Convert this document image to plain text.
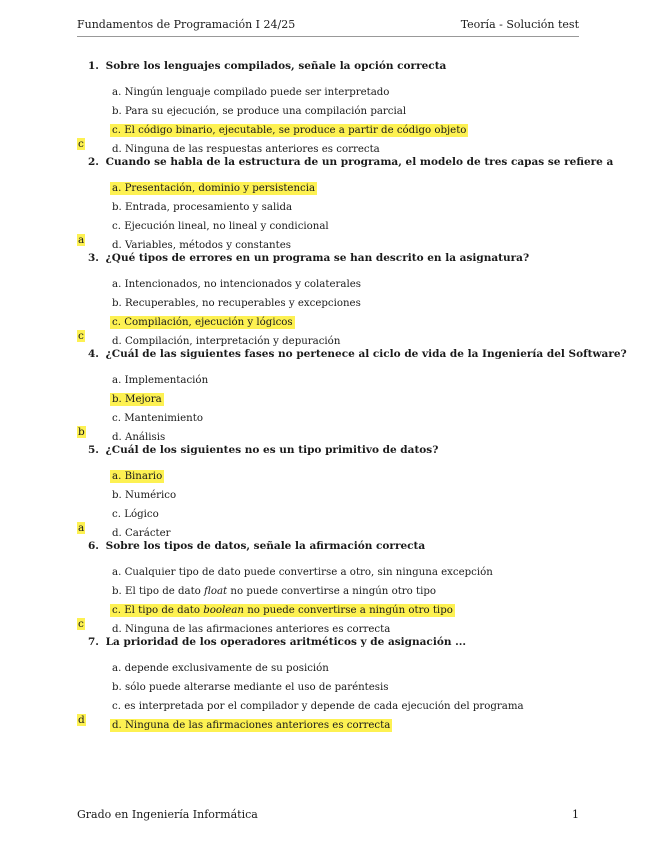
Fundamentos de Programación I 24/25	Teoría - Solución test
1. Sobre los lenguajes compilados, señale la opción correcta
a. Ningún lenguaje compilado puede ser interpretado
b. Para su ejecución, se produce una compilación parcial
c. El código binario, ejecutable, se produce a partir de código objeto
d. Ninguna de las respuestas anteriores es correcta
c
2. Cuando se habla de la estructura de un programa, el modelo de tres capas se refiere a
a. Presentación, dominio y persistencia
b. Entrada, procesamiento y salida
c. Ejecución lineal, no lineal y condicional
d. Variables, métodos y constantes
a
3. ¿Qué tipos de errores en un programa se han descrito en la asignatura?
a. Intencionados, no intencionados y colaterales
b. Recuperables, no recuperables y excepciones
c. Compilación, ejecución y lógicos
d. Compilación, interpretación y depuración
c
4. ¿Cuál de las siguientes fases no pertenece al ciclo de vida de la Ingeniería del Software?
a. Implementación
b. Mejora
c. Mantenimiento
d. Análisis
b
5. ¿Cuál de los siguientes no es un tipo primitivo de datos?
a. Binario
b. Numérico
c. Lógico
d. Carácter
a
6. Sobre los tipos de datos, señale la afirmación correcta
a. Cualquier tipo de dato puede convertirse a otro, sin ninguna excepción
b. El tipo de dato float no puede convertirse a ningún otro tipo
c. El tipo de dato boolean no puede convertirse a ningún otro tipo
d. Ninguna de las afirmaciones anteriores es correcta
c
7. La prioridad de los operadores aritméticos y de asignación ...
a. depende exclusivamente de su posición
b. sólo puede alterarse mediante el uso de paréntesis
c. es interpretada por el compilador y depende de cada ejecución del programa
d. Ninguna de las afirmaciones anteriores es correcta
d
Grado en Ingeniería Informática	1
